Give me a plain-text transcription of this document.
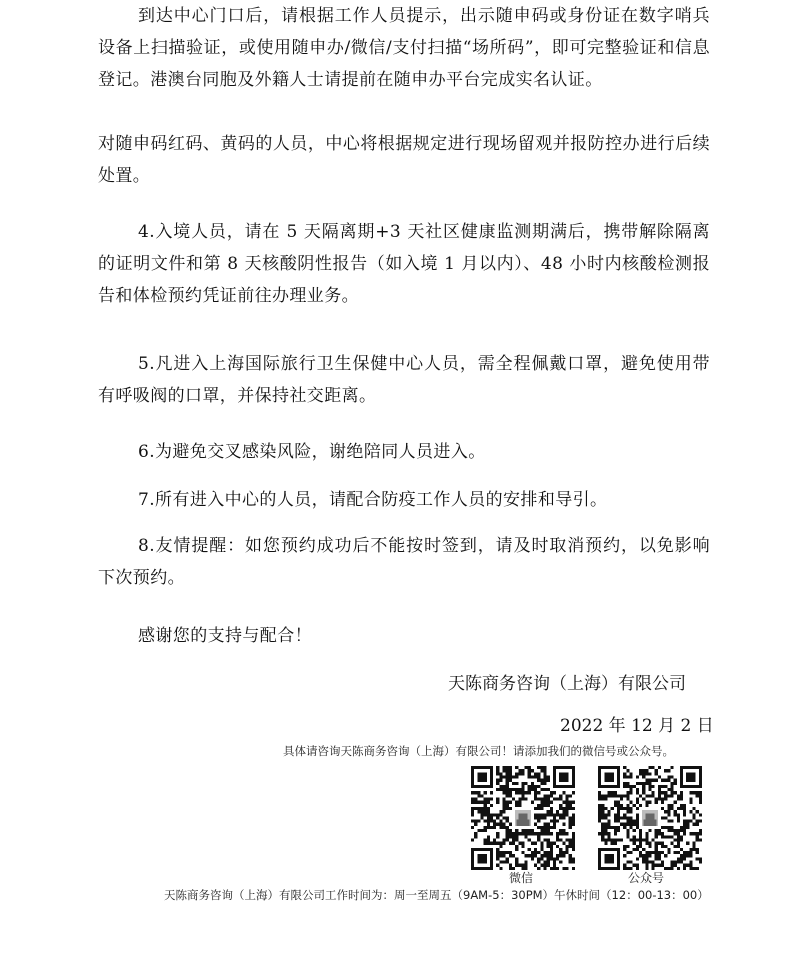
到达中心门口后，请根据工作人员提示，出示随申码或身份证在数字哨兵设备上扫描验证，或使用随申办/微信/支付扫描“场所码”，即可完整验证和信息登记。港澳台同胞及外籍人士请提前在随申办平台完成实名认证。

对随申码红码、黄码的人员，中心将根据规定进行现场留观并报防控办进行后续处置。

4.入境人员，请在 5 天隔离期+3 天社区健康监测期满后，携带解除隔离的证明文件和第 8 天核酸阴性报告（如入境 1 月以内）、48 小时内核酸检测报告和体检预约凭证前往办理业务。

5.凡进入上海国际旅行卫生保健中心人员，需全程佩戴口罩，避免使用带有呼吸阀的口罩，并保持社交距离。

6.为避免交叉感染风险，谢绝陪同人员进入。

7.所有进入中心的人员，请配合防疫工作人员的安排和导引。

8.友情提醒：如您预约成功后不能按时签到，请及时取消预约，以免影响下次预约。

感谢您的支持与配合！

天陈商务咨询（上海）有限公司
2022 年 12 月 2 日
具体请咨询天陈商务咨询（上海）有限公司！请添加我们的微信号或公众号。
微信	公众号
天陈商务咨询（上海）有限公司工作时间为：周一至周五（9AM-5：30PM）午休时间（12：00-13：00）
